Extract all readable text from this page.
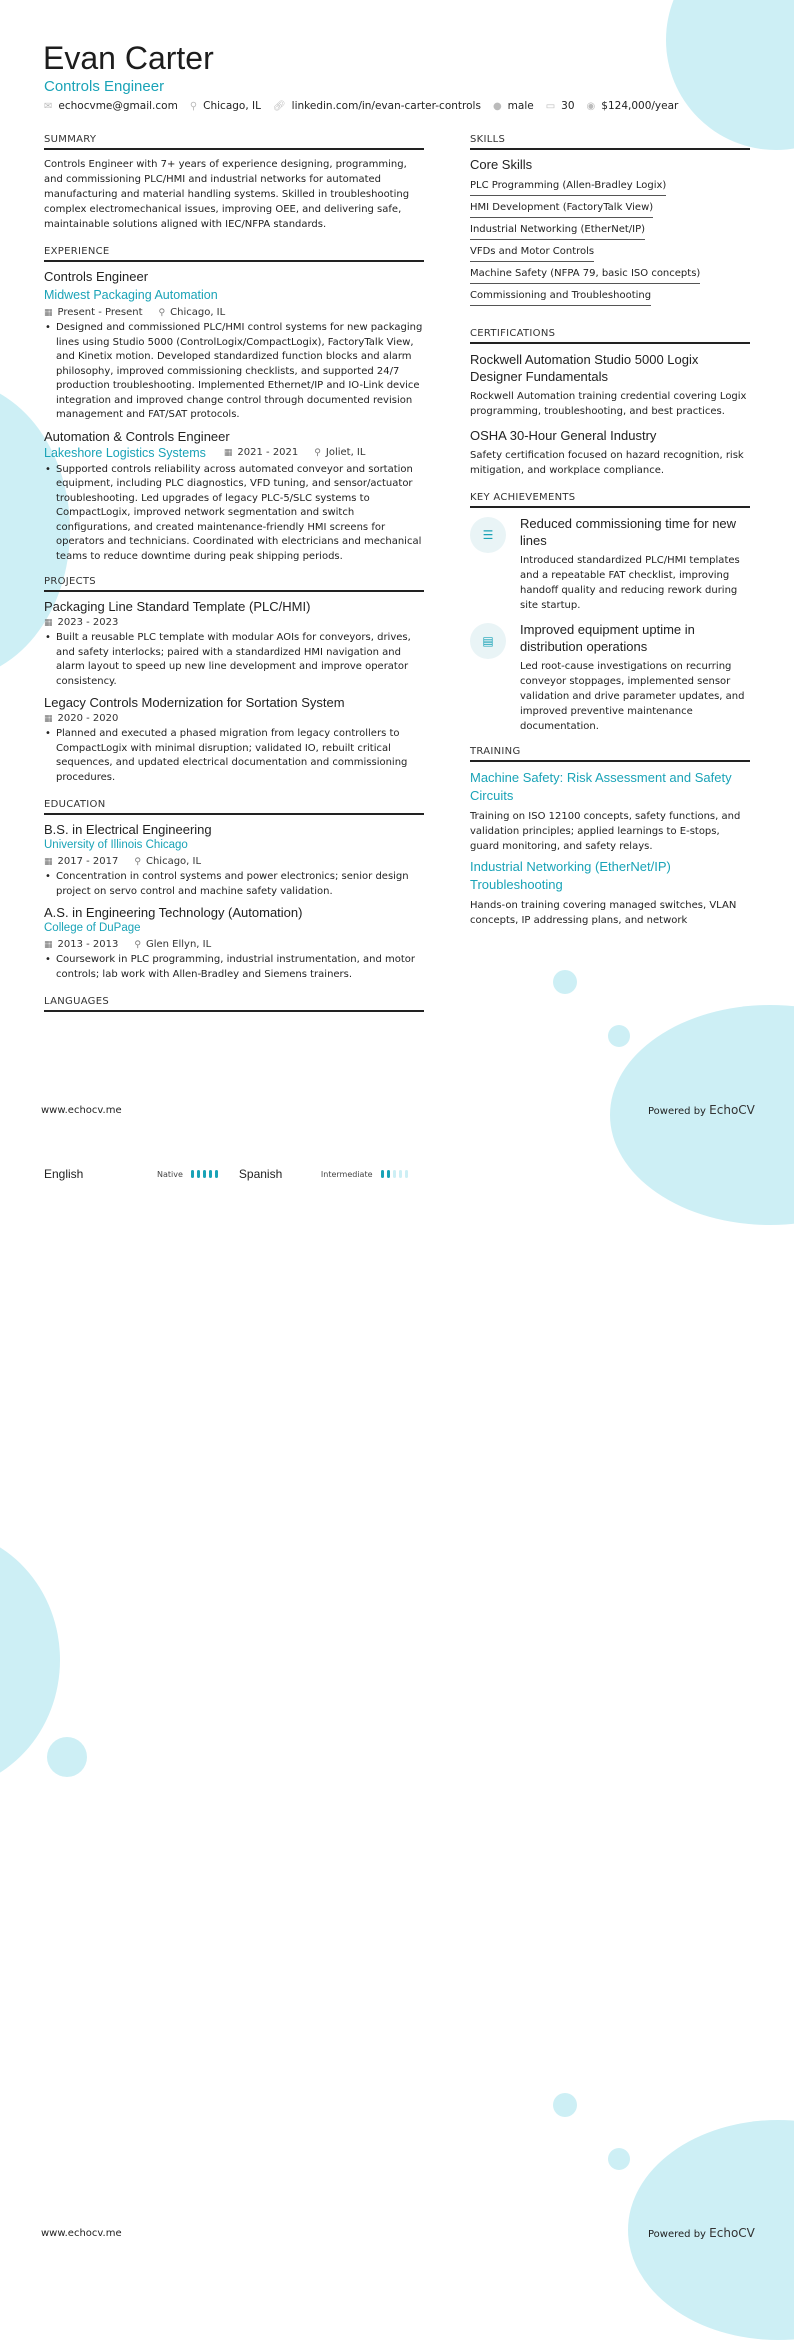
Evan Carter
Controls Engineer
✉ echocvme@gmail.com ⚲ Chicago, IL 🔗︎ linkedin.com/in/evan-carter-controls ● male ▭ 30 ◉ $124,000/year
SUMMARY

Controls Engineer with 7+ years of experience designing, programming, and commissioning PLC/HMI and industrial networks for automated manufacturing and material handling systems. Skilled in troubleshooting complex electromechanical issues, improving OEE, and delivering safe, maintainable solutions aligned with IEC/NFPA standards.

EXPERIENCE
Controls Engineer
Midwest Packaging Automation
▦ Present - Present ⚲ Chicago, IL
• Designed and commissioned PLC/HMI control systems for new packaging lines using Studio 5000 (ControlLogix/CompactLogix), FactoryTalk View, and Kinetix motion. Developed standardized function blocks and alarm philosophy, improved commissioning checklists, and supported 24/7 production troubleshooting. Implemented Ethernet/IP and IO-Link device integration and improved change control through documented revision management and FAT/SAT protocols.
Automation & Controls Engineer
Lakeshore Logistics Systems ▦ 2021 - 2021 ⚲ Joliet, IL
• Supported controls reliability across automated conveyor and sortation equipment, including PLC diagnostics, VFD tuning, and sensor/actuator troubleshooting. Led upgrades of legacy PLC-5/SLC systems to CompactLogix, improved network segmentation and switch configurations, and created maintenance-friendly HMI screens for operators and technicians. Coordinated with electricians and mechanical teams to reduce downtime during peak shipping periods.
PROJECTS
Packaging Line Standard Template (PLC/HMI)
▦ 2023 - 2023
• Built a reusable PLC template with modular AOIs for conveyors, drives, and safety interlocks; paired with a standardized HMI navigation and alarm layout to speed up new line development and improve operator consistency.
Legacy Controls Modernization for Sortation System
▦ 2020 - 2020
• Planned and executed a phased migration from legacy controllers to CompactLogix with minimal disruption; validated IO, rebuilt critical sequences, and updated electrical documentation and commissioning procedures.
EDUCATION
B.S. in Electrical Engineering
University of Illinois Chicago
▦ 2017 - 2017 ⚲ Chicago, IL
• Concentration in control systems and power electronics; senior design project on servo control and machine safety validation.
A.S. in Engineering Technology (Automation)
College of DuPage
▦ 2013 - 2013 ⚲ Glen Ellyn, IL
• Coursework in PLC programming, industrial instrumentation, and motor controls; lab work with Allen-Bradley and Siemens trainers.
LANGUAGES
SKILLS
Core Skills
PLC Programming (Allen-Bradley Logix)
HMI Development (FactoryTalk View)
Industrial Networking (EtherNet/IP)
VFDs and Motor Controls
Machine Safety (NFPA 79, basic ISO concepts)
Commissioning and Troubleshooting
CERTIFICATIONS
Rockwell Automation Studio 5000 Logix Designer Fundamentals

Rockwell Automation training credential covering Logix programming, troubleshooting, and best practices.

OSHA 30-Hour General Industry

Safety certification focused on hazard recognition, risk mitigation, and workplace compliance.

KEY ACHIEVEMENTS
☰
Reduced commissioning time for new lines

Introduced standardized PLC/HMI templates and a repeatable FAT checklist, improving handoff quality and reducing rework during site startup.

▤
Improved equipment uptime in distribution operations

Led root-cause investigations on recurring conveyor stoppages, implemented sensor validation and drive parameter updates, and improved preventive maintenance documentation.

TRAINING
Machine Safety: Risk Assessment and Safety Circuits

Training on ISO 12100 concepts, safety functions, and validation principles; applied learnings to E-stops, guard monitoring, and safety relays.

Industrial Networking (EtherNet/IP) Troubleshooting

Hands-on training covering managed switches, VLAN concepts, IP addressing plans, and network

www.echocv.me	Powered by EchoCV
English	Native	Spanish	Intermediate
www.echocv.me	Powered by EchoCV
